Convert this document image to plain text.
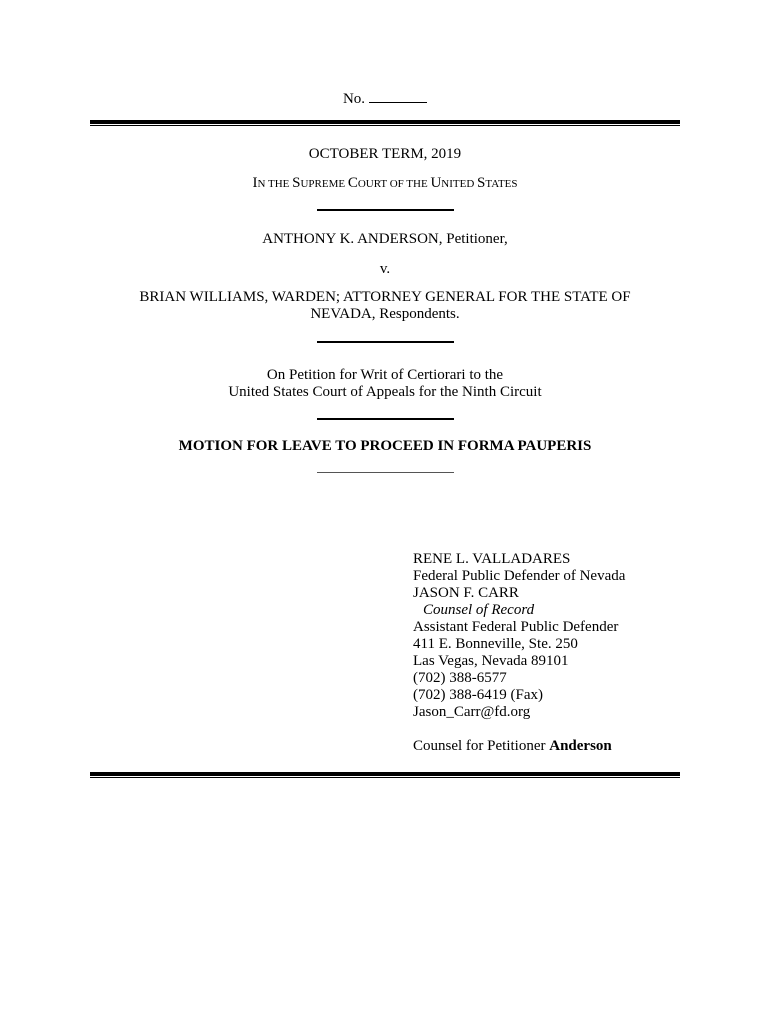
No.
OCTOBER TERM, 2019
IN THE SUPREME COURT OF THE UNITED STATES
ANTHONY K. ANDERSON, Petitioner,
v.
BRIAN WILLIAMS, WARDEN; ATTORNEY GENERAL FOR THE STATE OF
NEVADA, Respondents.
On Petition for Writ of Certiorari to the
United States Court of Appeals for the Ninth Circuit
MOTION FOR LEAVE TO PROCEED IN FORMA PAUPERIS
RENE L. VALLADARES
Federal Public Defender of Nevada
JASON F. CARR
Counsel of Record
Assistant Federal Public Defender
411 E. Bonneville, Ste. 250
Las Vegas, Nevada 89101
(702) 388-6577
(702) 388-6419 (Fax)
Jason_Carr@fd.org
Counsel for Petitioner Anderson
